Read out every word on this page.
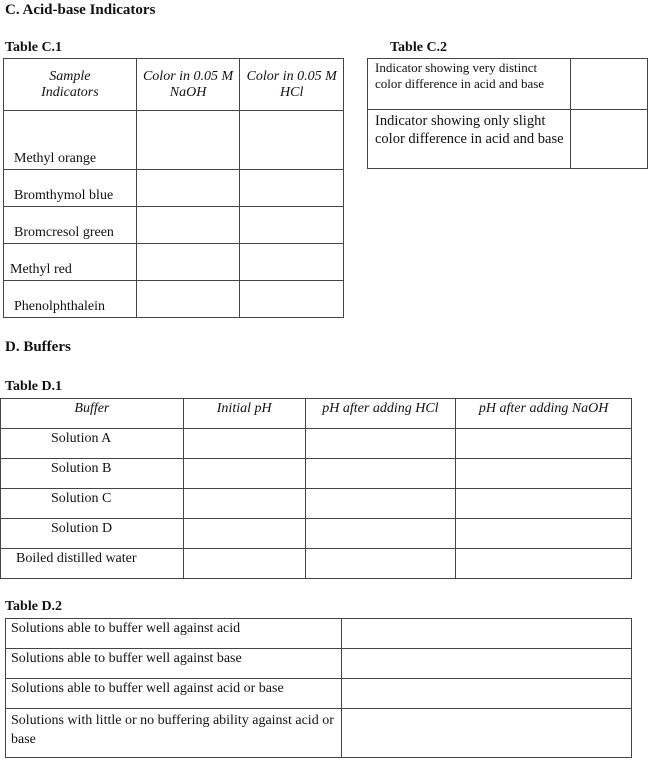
C. Acid-base Indicators
Table C.1
Sample Indicators	Color in 0.05 M NaOH	Color in 0.05 M HCl
Methyl orange		
Bromthymol blue		
Bromcresol green		
Methyl red		
Phenolphthalein		
Table C.2
Indicator showing very distinct color difference in acid and base	
Indicator showing only slight color difference in acid and base	
D. Buffers
Table D.1
Buffer	Initial pH	pH after adding HCl	pH after adding NaOH
Solution A			
Solution B			
Solution C			
Solution D			
Boiled distilled water			
Table D.2
Solutions able to buffer well against acid	
Solutions able to buffer well against base	
Solutions able to buffer well against acid or base	
Solutions with little or no buffering ability against acid or base	
